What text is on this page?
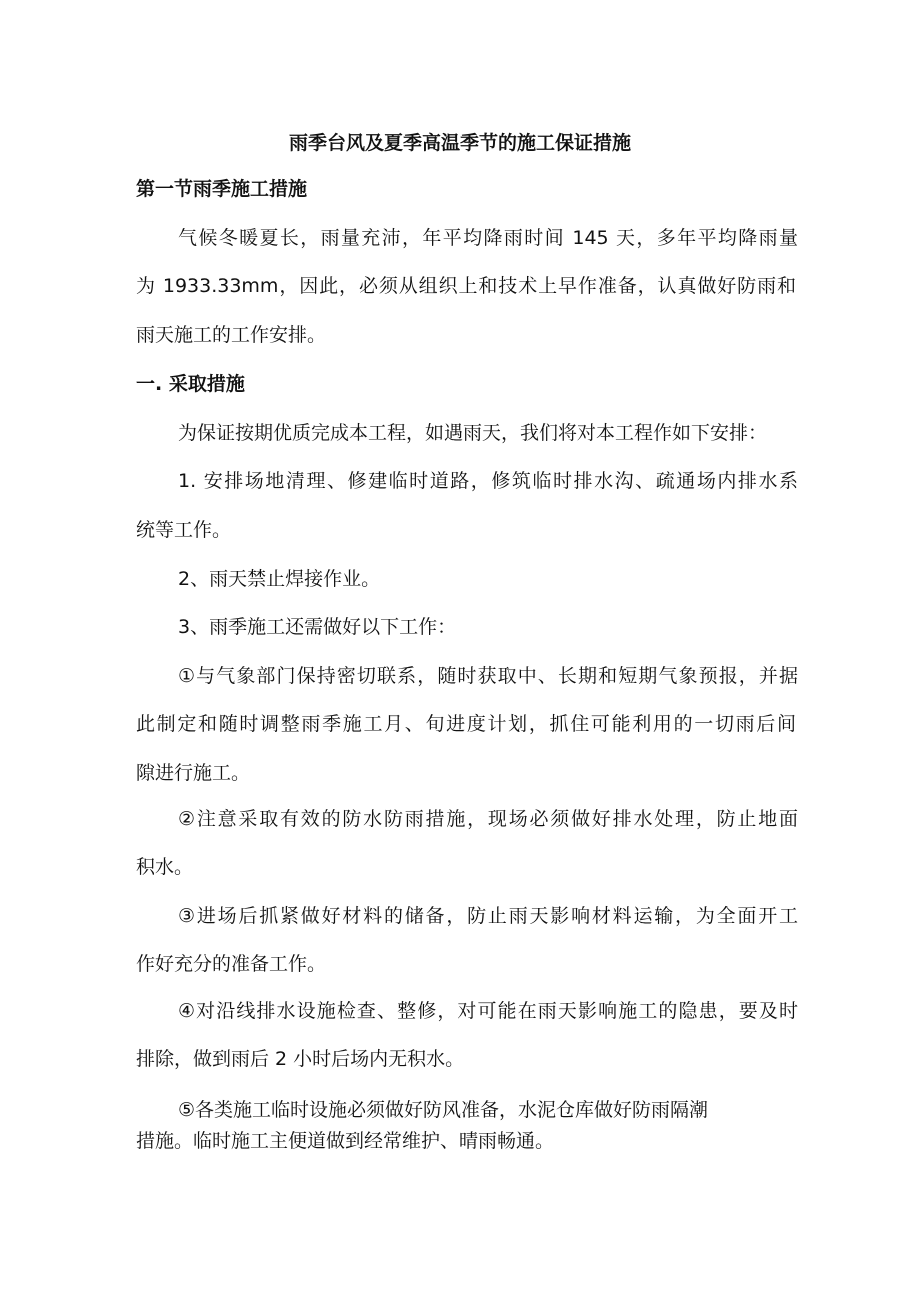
雨季台风及夏季高温季节的施工保证措施
第一节雨季施工措施
气候冬暖夏长，雨量充沛，年平均降雨时间 145 天，多年平均降雨量
为 1933.33mm，因此，必须从组织上和技术上早作准备，认真做好防雨和
雨天施工的工作安排。
一. 采取措施
为保证按期优质完成本工程，如遇雨天，我们将对本工程作如下安排：
1. 安排场地清理、修建临时道路，修筑临时排水沟、疏通场内排水系
统等工作。
2、雨天禁止焊接作业。
3、雨季施工还需做好以下工作：
①与气象部门保持密切联系，随时获取中、长期和短期气象预报，并据
此制定和随时调整雨季施工月、旬进度计划，抓住可能利用的一切雨后间
隙进行施工。
②注意采取有效的防水防雨措施，现场必须做好排水处理，防止地面
积水。
③进场后抓紧做好材料的储备，防止雨天影响材料运输，为全面开工
作好充分的准备工作。
④对沿线排水设施检查、整修，对可能在雨天影响施工的隐患，要及时
排除，做到雨后 2 小时后场内无积水。
⑤各类施工临时设施必须做好防风准备，水泥仓库做好防雨隔潮
措施。临时施工主便道做到经常维护、晴雨畅通。
